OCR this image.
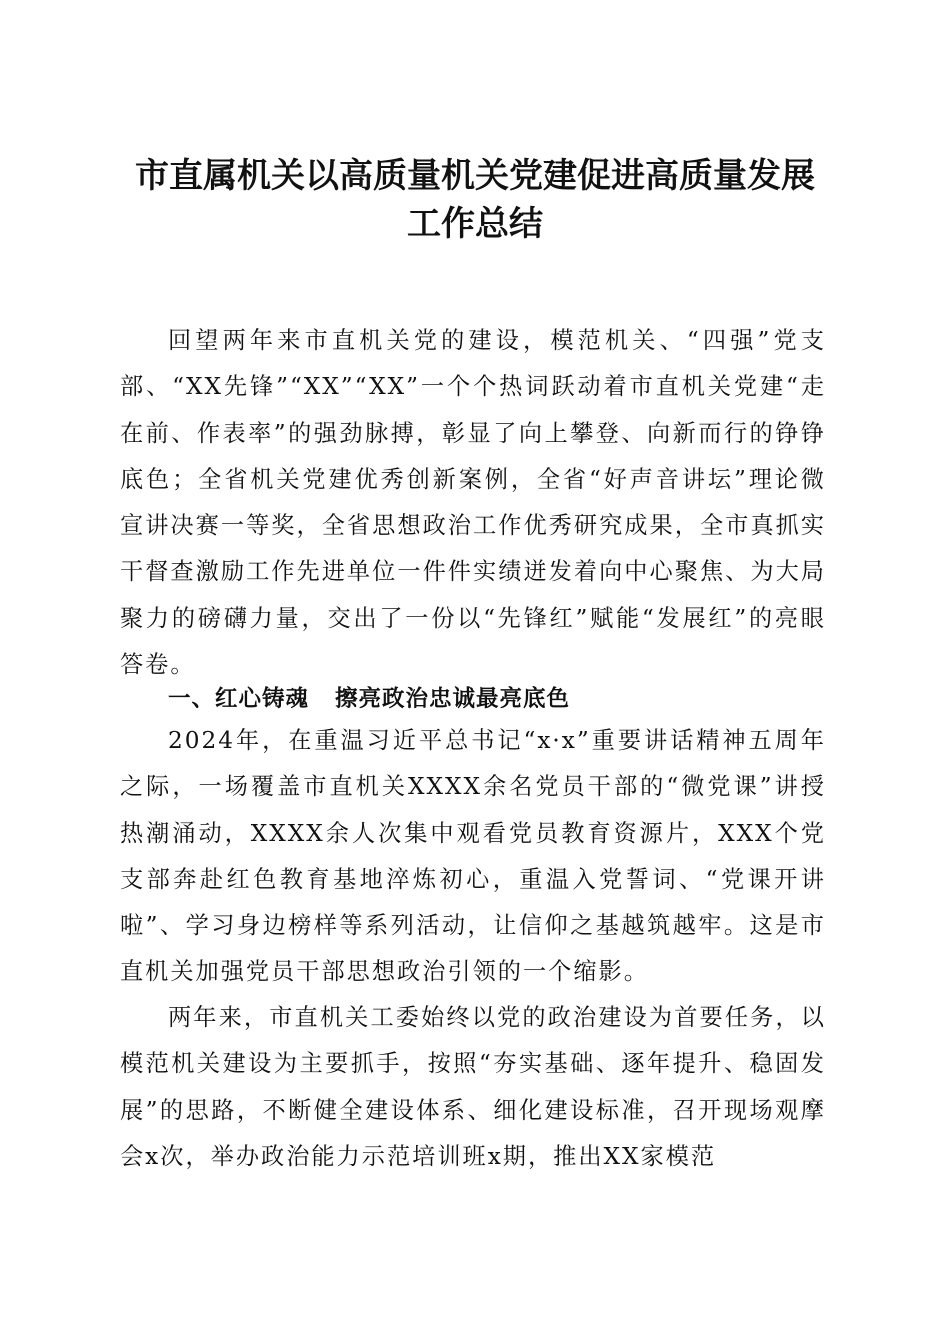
市直属机关以高质量机关党建促进高质量发展
工作总结

回望两年来市直机关党的建设，模范机关、“四强”党支部、“XX先锋”“XX”“XX”一个个热词跃动着市直机关党建“走在前、作表率”的强劲脉搏，彰显了向上攀登、向新而行的铮铮底色；全省机关党建优秀创新案例，全省“好声音讲坛”理论微宣讲决赛一等奖，全省思想政治工作优秀研究成果，全市真抓实干督查激励工作先进单位一件件实绩迸发着向中心聚焦、为大局聚力的磅礴力量，交出了一份以“先锋红”赋能“发展红”的亮眼答卷。

一、红心铸魂 擦亮政治忠诚最亮底色

2024年，在重温习近平总书记“x·x”重要讲话精神五周年之际，一场覆盖市直机关XXXX余名党员干部的“微党课”讲授热潮涌动，XXXX余人次集中观看党员教育资源片，XXX个党支部奔赴红色教育基地淬炼初心，重温入党誓词、“党课开讲啦”、学习身边榜样等系列活动，让信仰之基越筑越牢。这是市直机关加强党员干部思想政治引领的一个缩影。

两年来，市直机关工委始终以党的政治建设为首要任务，以模范机关建设为主要抓手，按照“夯实基础、逐年提升、稳固发展”的思路，不断健全建设体系、细化建设标准，召开现场观摩会x次，举办政治能力示范培训班x期，推出XX家模范
